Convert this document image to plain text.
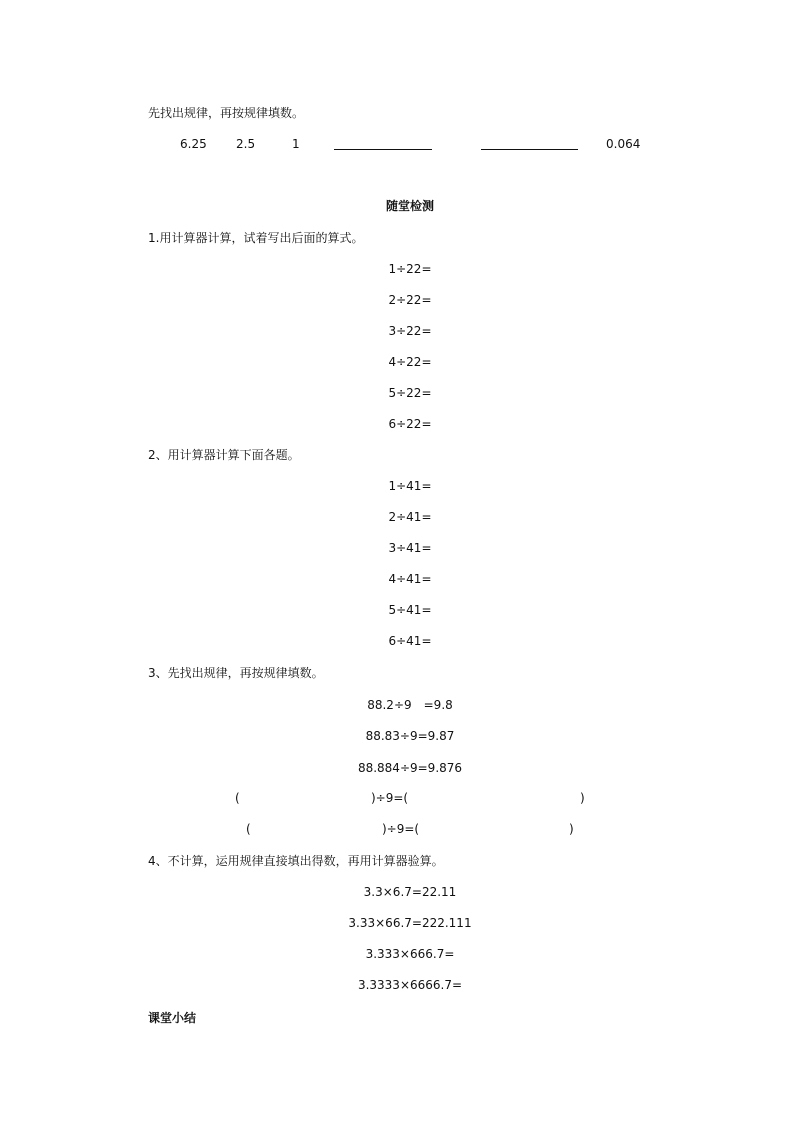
先找出规律，再按规律填数。
6.25 2.5	1	0.064
随堂检测
1.用计算器计算，试着写出后面的算式。
1÷22=
2÷22=
3÷22=
4÷22=
5÷22=
6÷22=
2、用计算器计算下面各题。
1÷41=
2÷41=
3÷41=
4÷41=
5÷41=
6÷41=
3、先找出规律，再按规律填数。
88.2÷9　=9.8
88.83÷9=9.87
88.884÷9=9.876
(	)÷9=(	)
(	)÷9=(	)
4、不计算，运用规律直接填出得数，再用计算器验算。
3.3×6.7=22.11
3.33×66.7=222.111
3.333×666.7=
3.3333×6666.7=
课堂小结
